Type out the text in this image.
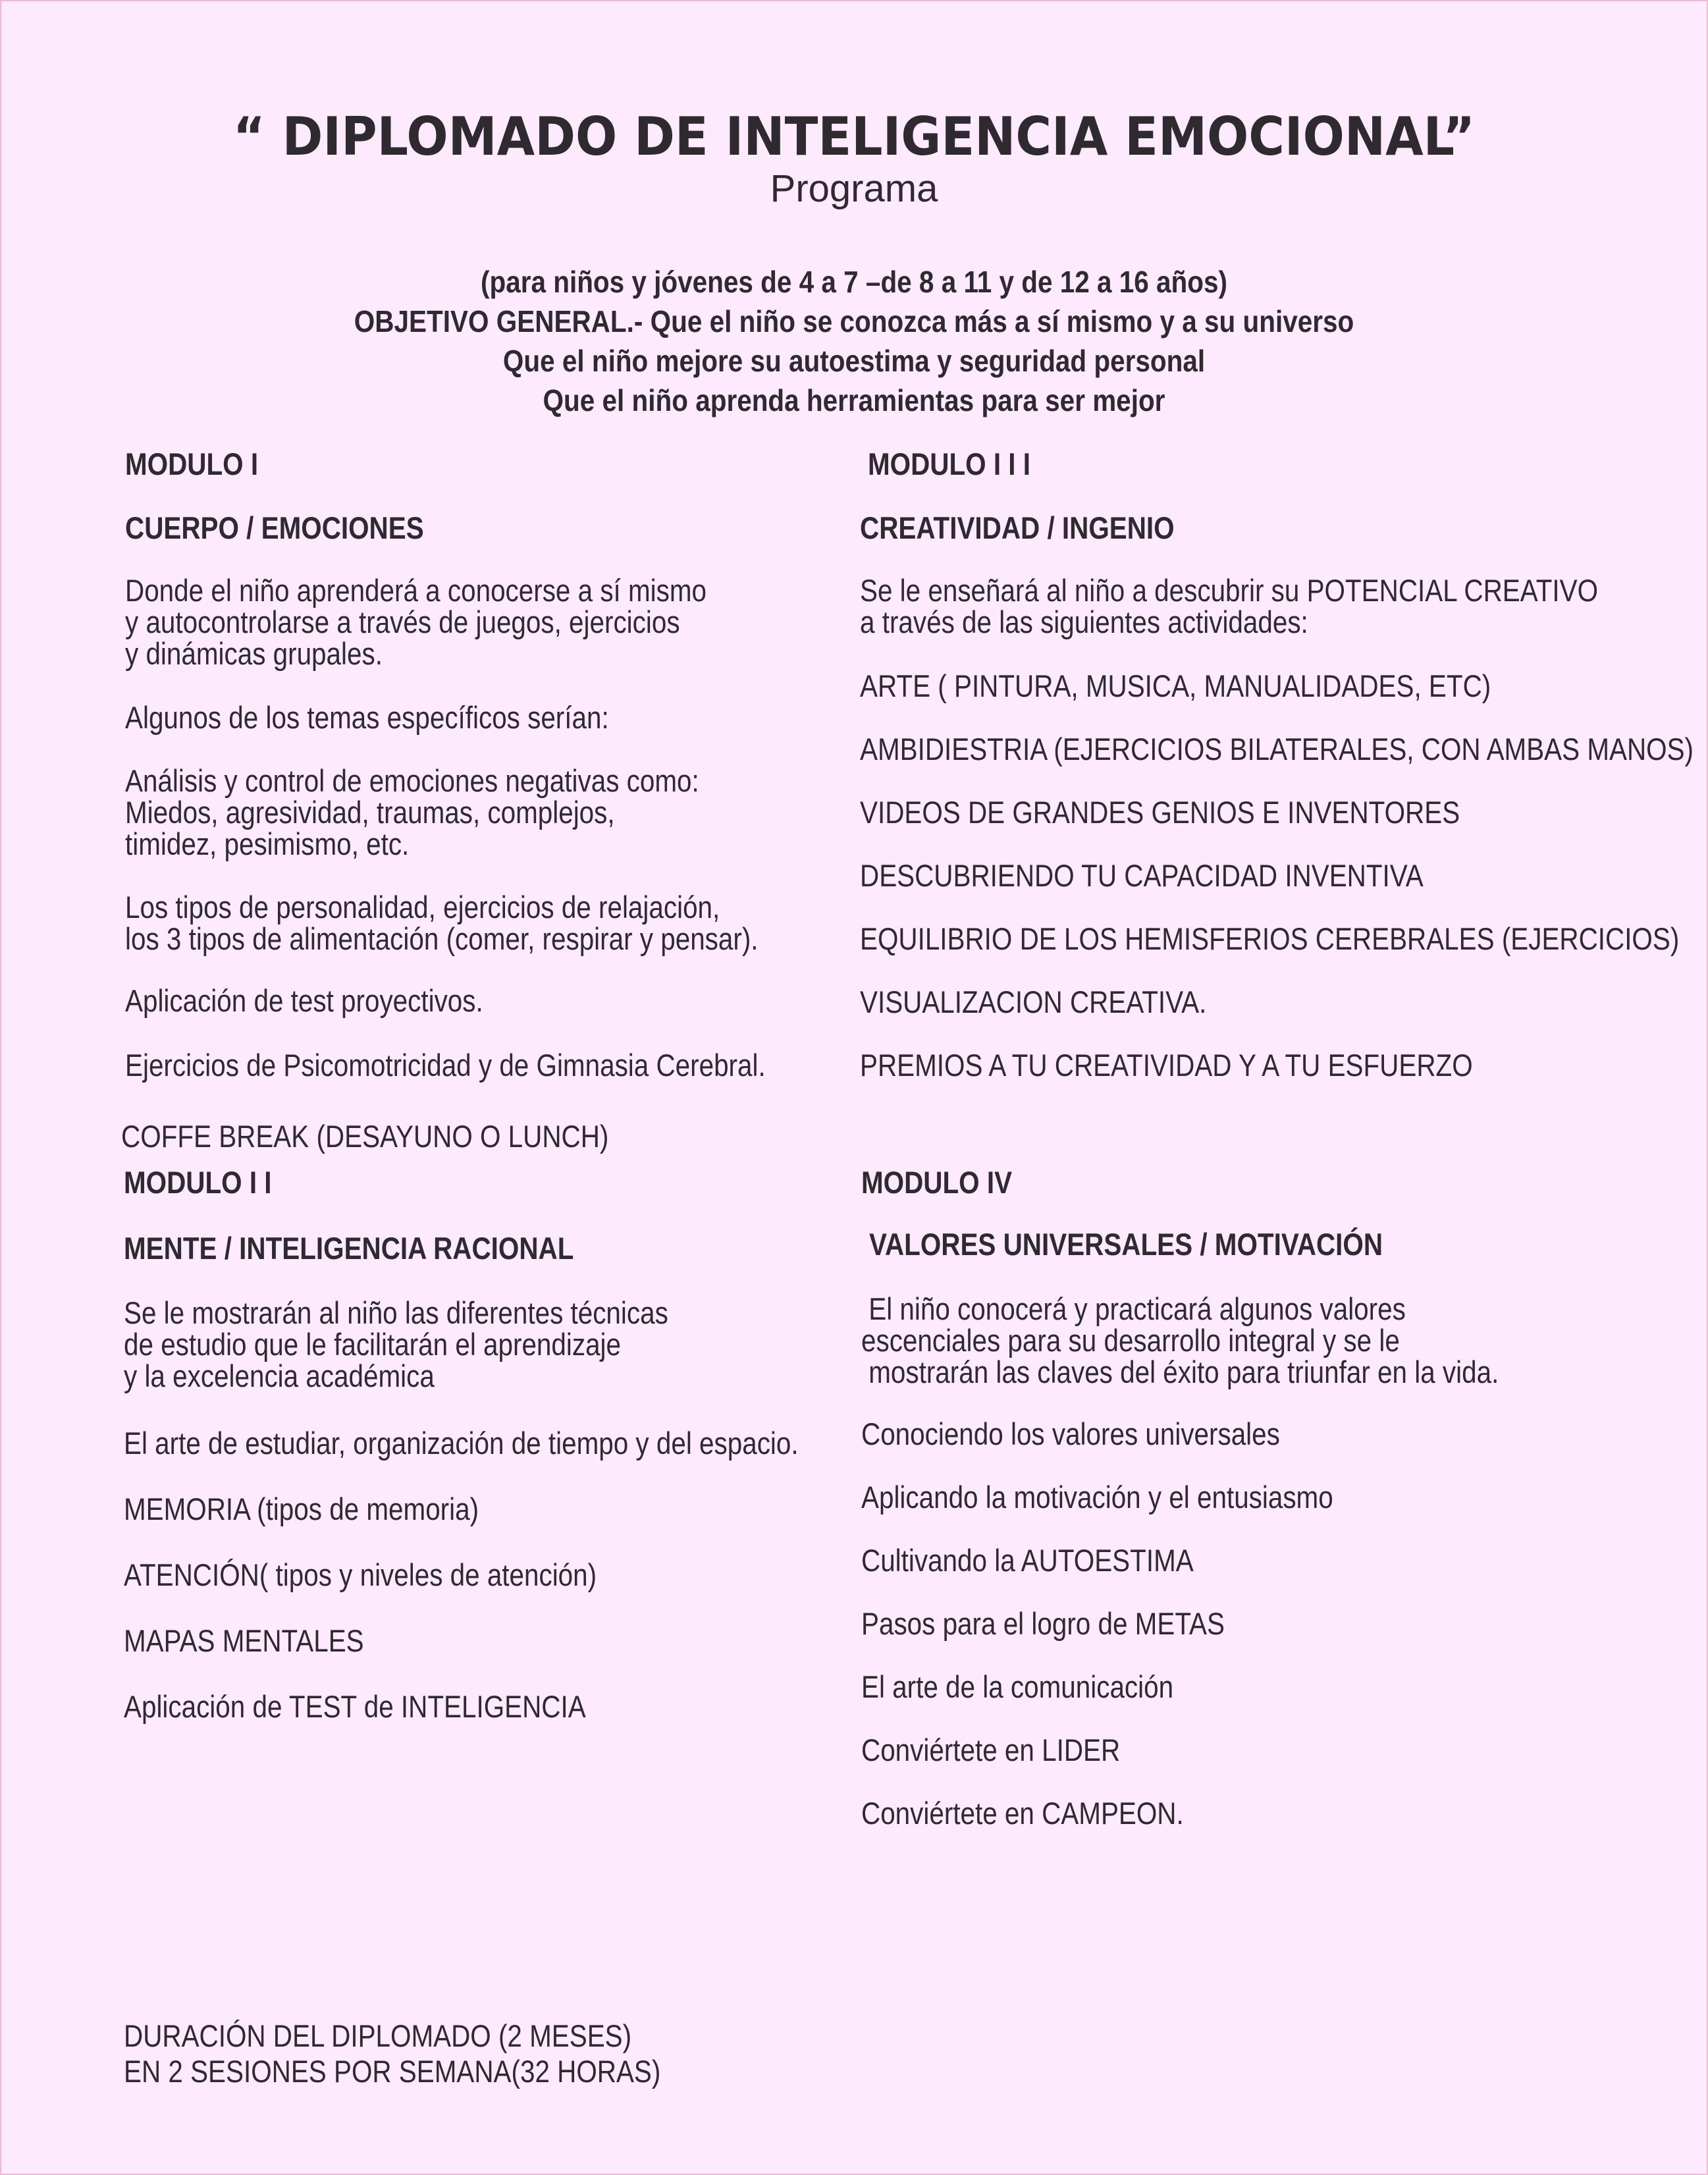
“ DIPLOMADO DE INTELIGENCIA EMOCIONAL”
Programa
(para niños y jóvenes de 4 a 7 –de 8 a 11 y de 12 a 16 años)
OBJETIVO GENERAL.- Que el niño se conozca más a sí mismo y a su universo
Que el niño mejore su autoestima y seguridad personal
Que el niño aprenda herramientas para ser mejor
MODULO I
CUERPO / EMOCIONES
Donde el niño aprenderá a conocerse a sí mismo
y autocontrolarse a través de juegos, ejercicios
y dinámicas grupales.
Algunos de los temas específicos serían:
Análisis y control de emociones negativas como:
Miedos, agresividad, traumas, complejos,
timidez, pesimismo, etc.
Los tipos de personalidad, ejercicios de relajación,
los 3 tipos de alimentación (comer, respirar y pensar).
Aplicación de test proyectivos.
Ejercicios de Psicomotricidad y de Gimnasia Cerebral.
COFFE BREAK (DESAYUNO O LUNCH)
MODULO I I
MENTE / INTELIGENCIA RACIONAL
Se le mostrarán al niño las diferentes técnicas
de estudio que le facilitarán el aprendizaje
y la excelencia académica
El arte de estudiar, organización de tiempo y del espacio.
MEMORIA (tipos de memoria)
ATENCIÓN( tipos y niveles de atención)
MAPAS MENTALES
Aplicación de TEST de INTELIGENCIA
MODULO I I I
CREATIVIDAD / INGENIO
Se le enseñará al niño a descubrir su POTENCIAL CREATIVO
a través de las siguientes actividades:
ARTE ( PINTURA, MUSICA, MANUALIDADES, ETC)
AMBIDIESTRIA (EJERCICIOS BILATERALES, CON AMBAS MANOS)
VIDEOS DE GRANDES GENIOS E INVENTORES
DESCUBRIENDO TU CAPACIDAD INVENTIVA
EQUILIBRIO DE LOS HEMISFERIOS CEREBRALES (EJERCICIOS)
VISUALIZACION CREATIVA.
PREMIOS A TU CREATIVIDAD Y A TU ESFUERZO
MODULO IV
VALORES UNIVERSALES / MOTIVACIÓN
El niño conocerá y practicará algunos valores
escenciales para su desarrollo integral y se le
mostrarán las claves del éxito para triunfar en la vida.
Conociendo los valores universales
Aplicando la motivación y el entusiasmo
Cultivando la AUTOESTIMA
Pasos para el logro de METAS
El arte de la comunicación
Conviértete en LIDER
Conviértete en CAMPEON.
DURACIÓN DEL DIPLOMADO (2 MESES)
EN 2 SESIONES POR SEMANA(32 HORAS)
